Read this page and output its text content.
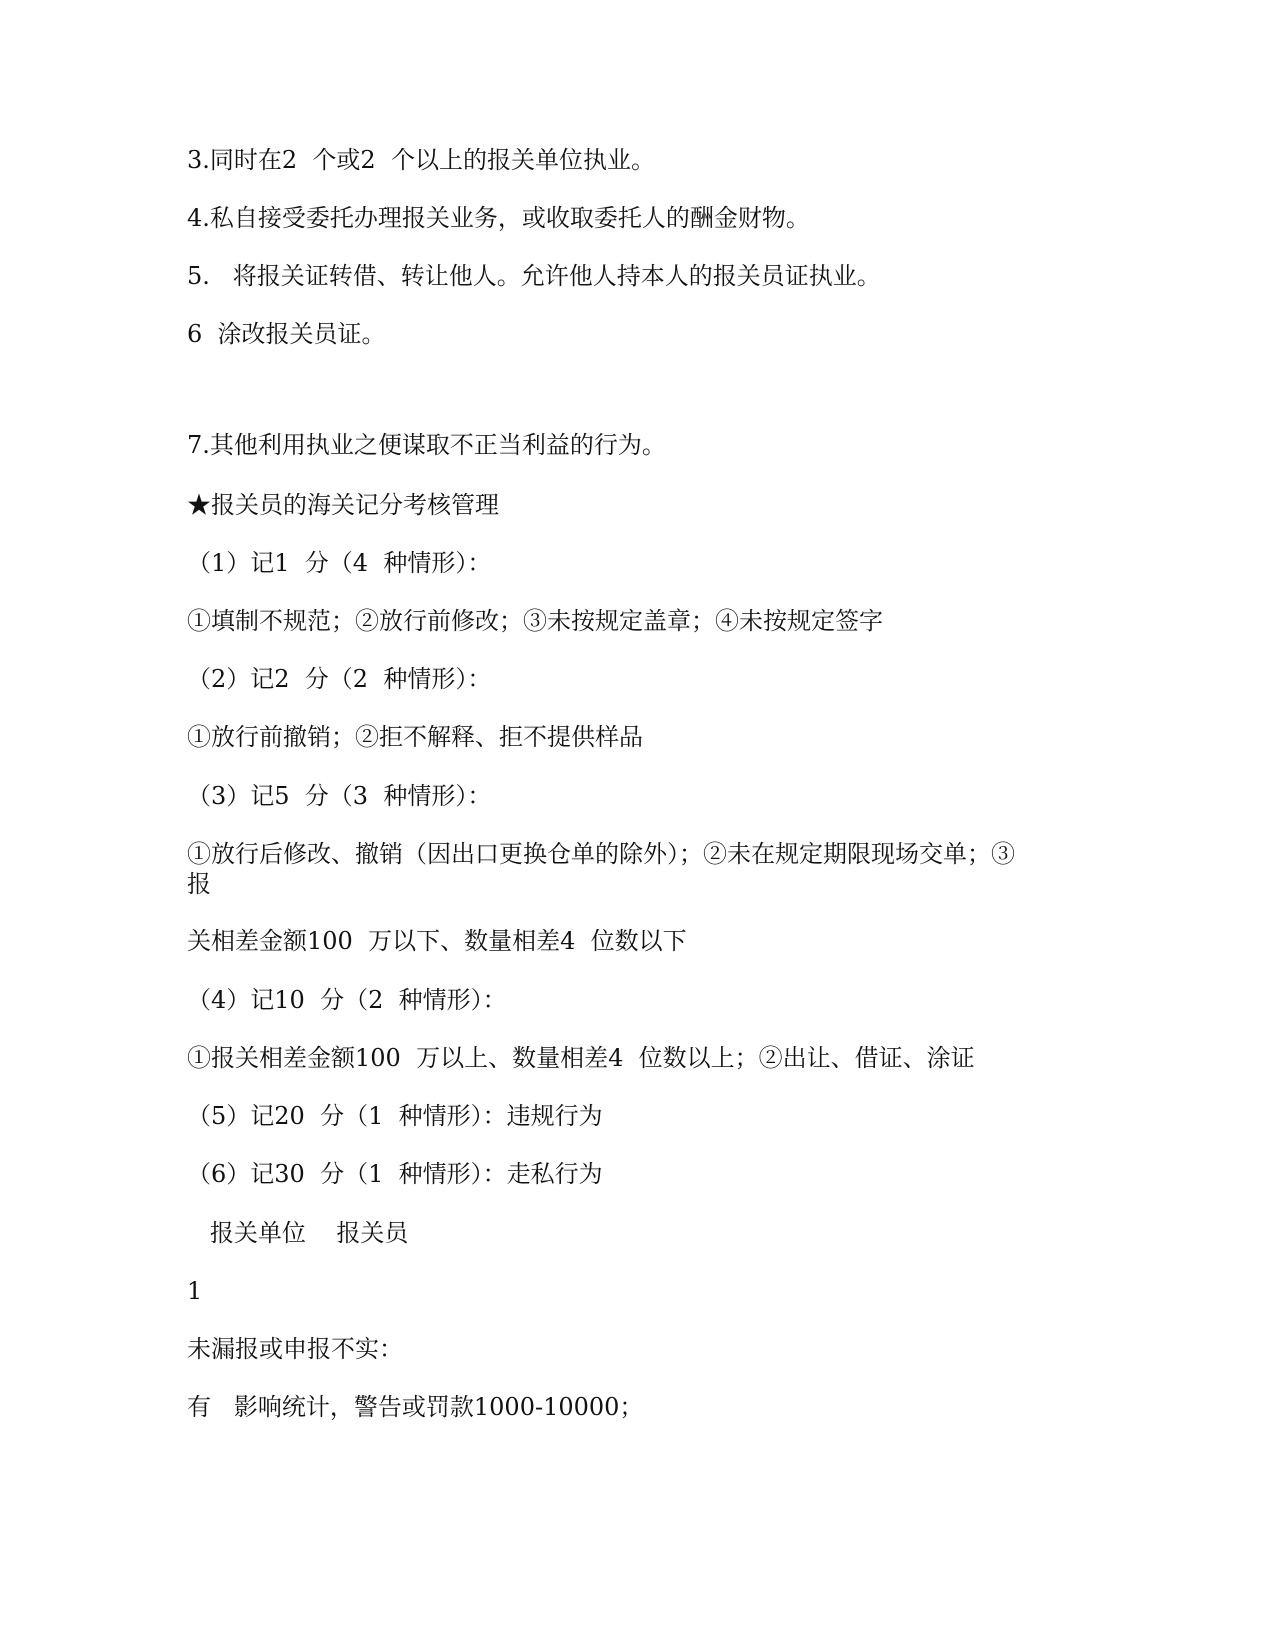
3.同时在2  个或2  个以上的报关单位执业。
4.私自接受委托办理报关业务，或收取委托人的酬金财物。
5.   将报关证转借、转让他人。允许他人持本人的报关员证执业。
6  涂改报关员证。
7.其他利用执业之便谋取不正当利益的行为。
★报关员的海关记分考核管理
（1）记1  分（4  种情形）：
①填制不规范；②放行前修改；③未按规定盖章；④未按规定签字
（2）记2  分（2  种情形）：
①放行前撤销；②拒不解释、拒不提供样品
（3）记5  分（3  种情形）：
①放行后修改、撤销（因出口更换仓单的除外）；②未在规定期限现场交单；③
报
关相差金额100  万以下、数量相差4  位数以下
（4）记10  分（2  种情形）：
①报关相差金额100  万以上、数量相差4  位数以上；②出让、借证、涂证
（5）记20  分（1  种情形）：违规行为
（6）记30  分（1  种情形）：走私行为
报关单位    报关员
1
未漏报或申报不实：
有   影响统计，警告或罚款1000-10000；
